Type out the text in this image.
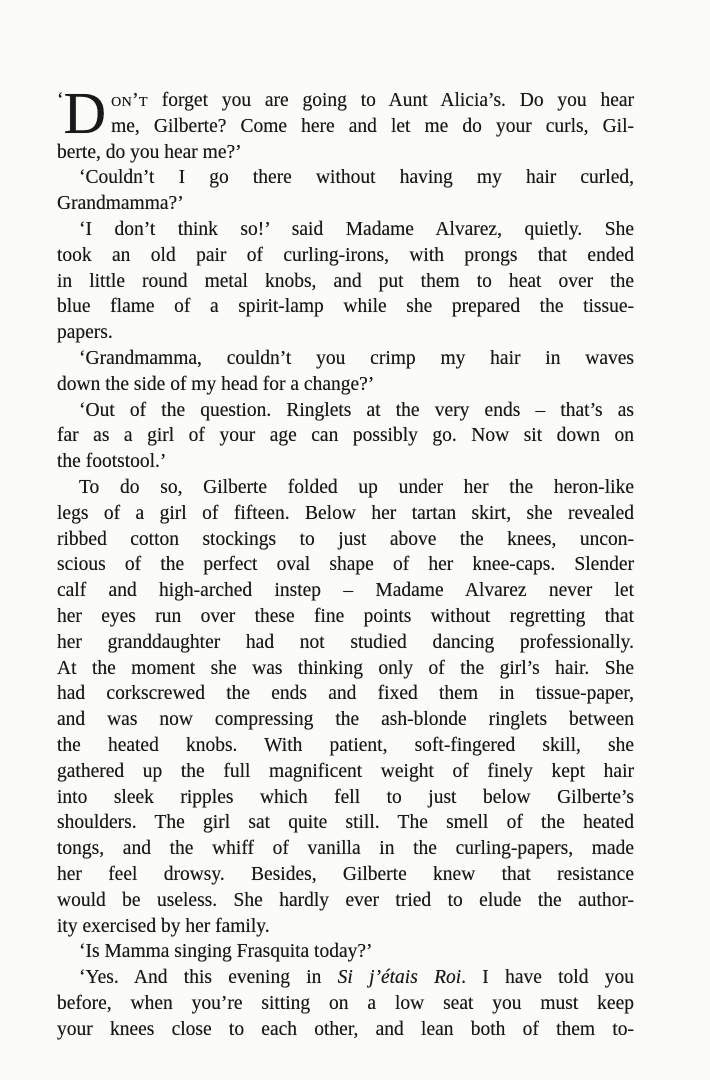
‘ D on’t forget you are going to Aunt Alicia’s. Do you hear
me, Gilberte? Come here and let me do your curls, Gil-
berte, do you hear me?’
‘Couldn’t I go there without having my hair curled,
Grandmamma?’
‘I don’t think so!’ said Madame Alvarez, quietly. She
took an old pair of curling-irons, with prongs that ended
in little round metal knobs, and put them to heat over the
blue flame of a spirit-lamp while she prepared the tissue-
papers.
‘Grandmamma, couldn’t you crimp my hair in waves
down the side of my head for a change?’
‘Out of the question. Ringlets at the very ends – that’s as
far as a girl of your age can possibly go. Now sit down on
the footstool.’
To do so, Gilberte folded up under her the heron-like
legs of a girl of fifteen. Below her tartan skirt, she revealed
ribbed cotton stockings to just above the knees, uncon-
scious of the perfect oval shape of her knee-caps. Slender
calf and high-arched instep – Madame Alvarez never let
her eyes run over these fine points without regretting that
her granddaughter had not studied dancing professionally.
At the moment she was thinking only of the girl’s hair. She
had corkscrewed the ends and fixed them in tissue-paper,
and was now compressing the ash-blonde ringlets between
the heated knobs. With patient, soft-fingered skill, she
gathered up the full magnificent weight of finely kept hair
into sleek ripples which fell to just below Gilberte’s
shoulders. The girl sat quite still. The smell of the heated
tongs, and the whiff of vanilla in the curling-papers, made
her feel drowsy. Besides, Gilberte knew that resistance
would be useless. She hardly ever tried to elude the author-
ity exercised by her family.
‘Is Mamma singing Frasquita today?’
‘Yes. And this evening in Si j’étais Roi. I have told you
before, when you’re sitting on a low seat you must keep
your knees close to each other, and lean both of them to-
